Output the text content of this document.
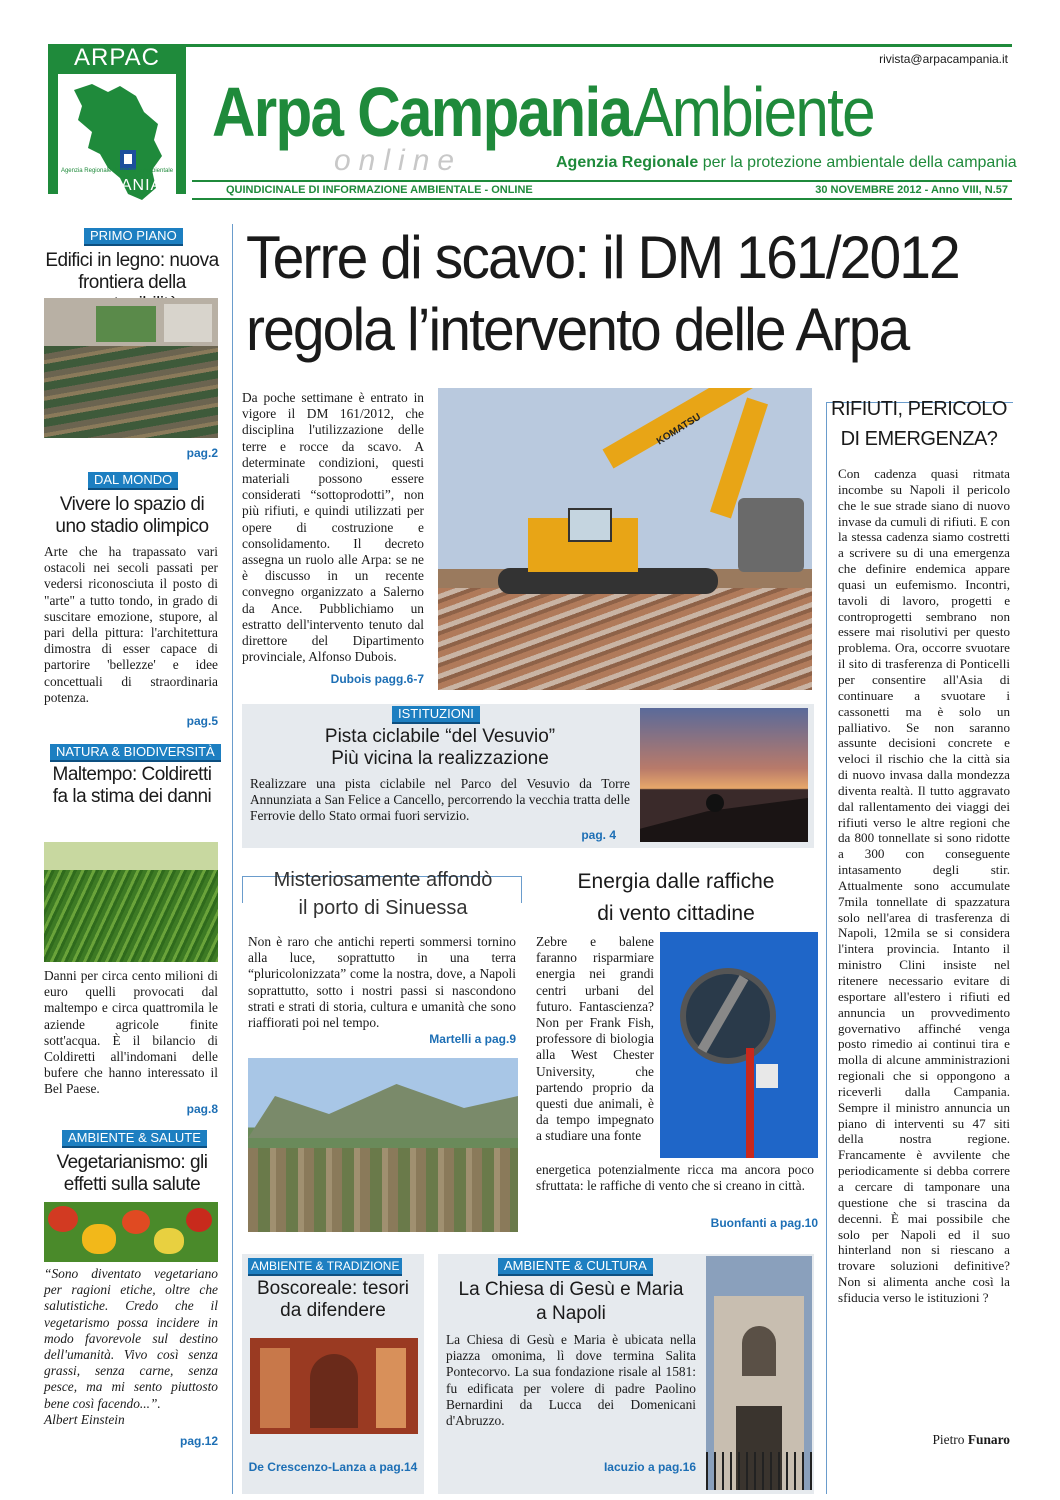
ARPAC
Agenzia Regionale Protezione Ambientale
CAMPANIA
rivista@arpacampania.it
Arpa Campania Ambiente
online	Agenzia Regionale per la protezione ambientale della campania
QUINDICINALE DI INFORMAZIONE AMBIENTALE - ONLINE	30 NOVEMBRE 2012 - Anno VIII, N.57
Terre di scavo: il DM 161/2012
regola l’intervento delle Arpa
PRIMO PIANO
Edifici in legno: nuova frontiera della
pag.2
DAL MONDO
Vivere lo spazio di uno stadio olimpico
Arte che ha trapassato vari ostacoli nei secoli passati per vedersi riconosciuta il posto di "arte" a tutto tondo, in grado di suscitare emozione, stupore, al pari della pittura: l'architettura dimostra di esser capace di partorire 'bellezze' e idee concettuali di straordinaria potenza.
pag.5
NATURA & BIODIVERSITÀ
Maltempo: Coldiretti fa la stima dei danni
Danni per circa cento milioni di euro quelli provocati dal maltempo e circa quattromila le aziende agricole finite sott'acqua. È il bilancio di Coldiretti all'indomani delle bufere che hanno interessato il Bel Paese.
pag.8
AMBIENTE & SALUTE
Vegetarianismo: gli effetti sulla salute
“Sono diventato vegetariano per ragioni etiche, oltre che salutistiche. Credo che il vegetarismo possa incidere in modo favorevole sul destino dell'umanità. Vivo così senza grassi, senza carne, senza pesce, ma mi sento piuttosto bene così facendo...”.
Albert Einstein
pag.12
Da poche settimane è entrato in vigore il DM 161/2012, che disciplina l'utilizzazione delle terre e rocce da scavo. A determinate condizioni, questi materiali possono essere considerati “sottoprodotti”, non più rifiuti, e quindi utilizzati per opere di costruzione e consolidamento. Il decreto assegna un ruolo alle Arpa: se ne è discusso in un recente convegno organizzato a Salerno da Ance. Pubblichiamo un estratto dell'intervento tenuto dal direttore del Dipartimento provinciale, Alfonso Dubois.
Dubois pagg.6-7
KOMATSU
RIFIUTI, PERICOLO
DI EMERGENZA?
Con cadenza quasi ritmata incombe su Napoli il pericolo che le sue strade siano di nuovo invase da cumuli di rifiuti. E con la stessa cadenza siamo costretti a scrivere su di una emergenza che definire endemica appare quasi un eufemismo. Incontri, tavoli di lavoro, progetti e controprogetti sembrano non essere mai risolutivi per questo problema. Ora, occorre svuotare il sito di trasferenza di Ponticelli per consentire all'Asia di continuare a svuotare i cassonetti ma è solo un palliativo. Se non saranno assunte decisioni concrete e veloci il rischio che la città sia di nuovo invasa dalla mondezza diventa realtà. Il tutto aggravato dal rallentamento dei viaggi dei rifiuti verso le altre regioni che da 800 tonnellate si sono ridotte a 300 con conseguente intasamento degli stir. Attualmente sono accumulate 7mila tonnellate di spazzatura solo nell'area di trasferenza di Napoli, 12mila se si considera l'intera provincia. Intanto il ministro Clini insiste nel ritenere necessario evitare di esportare all'estero i rifiuti ed annuncia un provvedimento governativo affinché venga posto rimedio ai continui tira e molla di alcune amministrazioni regionali che si oppongono a riceverli dalla Campania. Sempre il ministro annuncia un piano di interventi su 47 siti della nostra regione. Francamente è avvilente che periodicamente si debba correre a cercare di tamponare una questione che si trascina da decenni. È mai possibile che solo per Napoli ed il suo hinterland non si riescano a trovare soluzioni definitive? Non si alimenta anche così la sfiducia verso le istituzioni ?
Pietro Funaro
ISTITUZIONI
Pista ciclabile “del Vesuvio”
Più vicina la realizzazione
Realizzare una pista ciclabile nel Parco del Vesuvio da Torre Annunziata a San Felice a Cancello, percorrendo la vecchia tratta delle Ferrovie dello Stato ormai fuori servizio.
pag. 4
Misteriosamente affondò
il porto di Sinuessa
Non è raro che antichi reperti sommersi tornino alla luce, soprattutto in una terra “pluricolonizzata” come la nostra, dove, a Napoli soprattutto, sotto i nostri passi si nascondono strati e strati di storia, cultura e umanità che sono riaffiorati poi nel tempo.
Martelli a pag.9
Energia dalle raffiche
di vento cittadine
Zebre e balene faranno risparmiare energia nei grandi centri urbani del futuro. Fantascienza? Non per Frank Fish, professore di biologia alla West Chester University, che partendo proprio da questi due animali, è da tempo impegnato a studiare una fonte
energetica potenzialmente ricca ma ancora poco sfruttata: le raffiche di vento che si creano in città.
Buonfanti a pag.10
AMBIENTE & TRADIZIONE
Boscoreale: tesori
da difendere
De Crescenzo-Lanza a pag.14
AMBIENTE & CULTURA
La Chiesa di Gesù e Maria
a Napoli
La Chiesa di Gesù e Maria è ubicata nella piazza omonima, lì dove termina Salita Pontecorvo. La sua fondazione risale al 1581: fu edificata per volere di padre Paolino Bernardini da Lucca dei Domenicani d'Abruzzo.
Iacuzio a pag.16
